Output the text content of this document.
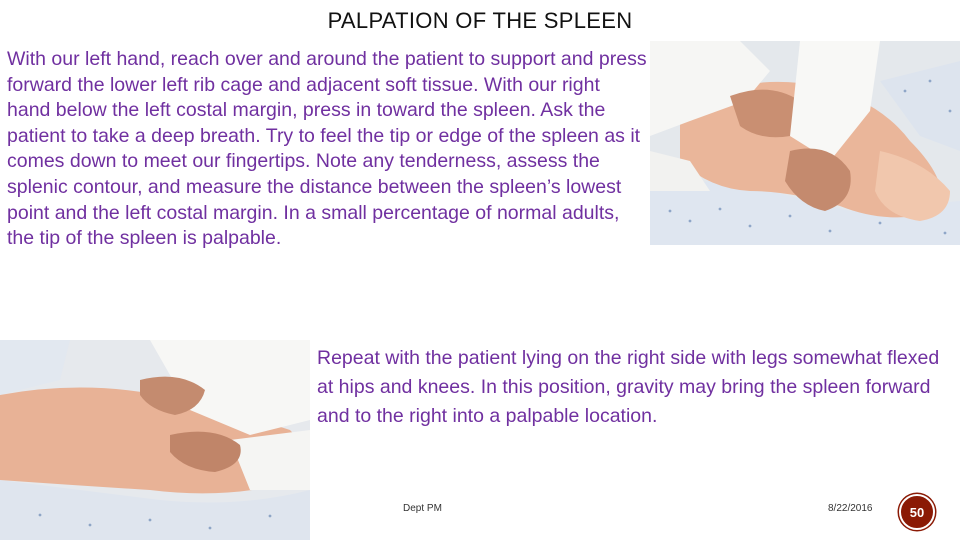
PALPATION OF THE SPLEEN

With our left hand, reach over and around the patient to support and press forward the lower left rib cage and adjacent soft tissue. With our right hand below the left costal margin, press in toward the spleen. Ask the patient to take a deep breath. Try to feel the tip or edge of the spleen as it comes down to meet our fingertips. Note any tenderness, assess the splenic contour, and measure the distance between the spleen’s lowest point and the left costal margin. In a small percentage of normal adults, the tip of the spleen is palpable.

Repeat with the patient lying on the right side with legs somewhat flexed at hips and knees. In this position, gravity may bring the spleen forward and to the right into a palpable location.

Dept PM	8/22/2016	50
